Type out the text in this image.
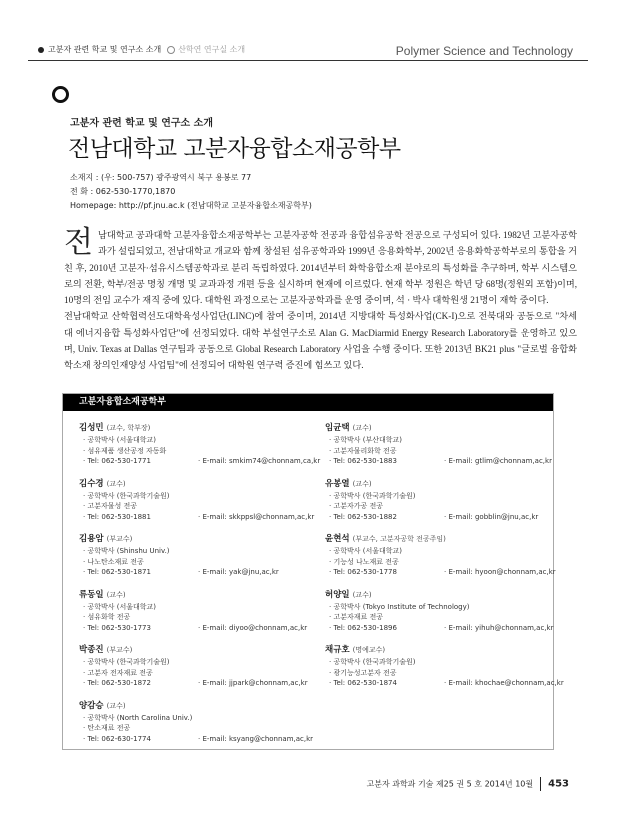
고분자 관련 학교 및 연구소 소개 산학연 연구실 소개	Polymer Science and Technology
고분자 관련 학교 및 연구소 소개
전남대학교 고분자융합소재공학부
소재지 : (우: 500-757) 광주광역시 북구 용봉로 77
전 화 : 062-530-1770,1870
Homepage: http://pf.jnu.ac.k (전남대학교 고분자융합소재공학부)
전남대학교 공과대학 고분자융합소재공학부는 고분자공학 전공과 융합섬유공학 전공으로 구성되어 있다. 1982년 고분자공학과가 설립되었고, 전남대학교 개교와 함께 창설된 섬유공학과와 1999년 응용화학부, 2002년 응용화학공학부로의 통합을 거친 후, 2010년 고분자·섬유시스템공학과로 분리 독립하였다. 2014년부터 화학융합소재 분야로의 특성화를 추구하며, 학부 시스템으로의 전환, 학부/전공 명칭 개명 및 교과과정 개편 등을 실시하며 현재에 이르렀다. 현재 학부 정원은 학년 당 68명(정원외 포함)이며, 10명의 전임 교수가 재직 중에 있다. 대학원 과정으로는 고분자공학과를 운영 중이며, 석 · 박사 대학원생 21명이 재학 중이다.
전남대학교 산학협력선도대학육성사업단(LINC)에 참여 중이며, 2014년 지방대학 특성화사업(CK-I)으로 전북대와 공동으로 "차세대 에너지융합 특성화사업단"에 선정되었다. 대학 부설연구소로 Alan G. MacDiarmid Energy Research Laboratory를 운영하고 있으며, Univ. Texas at Dallas 연구팀과 공동으로 Global Research Laboratory 사업을 수행 중이다. 또한 2013년 BK21 plus "글로벌 융합화학소재 창의인재양성 사업팀"에 선정되어 대학원 연구력 증진에 힘쓰고 있다.
고분자융합소재공학부
김성민 (교수, 학부장)
· 공학박사 (서울대학교)
· 섬유제품 생산공정 자동화
· Tel: 062-530-1771	· E-mail: smkim74@chonnam,ca,kr
김수경 (교수)
· 공학박사 (한국과학기술원)
· 고분자물성 전공
· Tel: 062-530-1881	· E-mail: skkppsl@chonnam,ac,kr
김용암 (부교수)
· 공학박사 (Shinshu Univ.)
· 나노탄소재료 전공
· Tel: 062-530-1871	· E-mail: yak@jnu,ac,kr
류동일 (교수)
· 공학박사 (서울대학교)
· 섬유화학 전공
· Tel: 062-530-1773	· E-mail: diyoo@chonnam,ac,kr
박종진 (부교수)
· 공학박사 (한국과학기술원)
· 고분자 전자재료 전공
· Tel: 062-530-1872	· E-mail: jjpark@chonnam,ac,kr
양감승 (교수)
· 공학박사 (North Carolina Univ.)
· 탄소재료 전공
· Tel: 062-630-1774	· E-mail: ksyang@chonnam,ac,kr
임균택 (교수)
· 공학박사 (부산대학교)
· 고분자물리화학 전공
· Tel: 062-530-1883	· E-mail: gtlim@chonnam,ac,kr
유봉열 (교수)
· 공학박사 (한국과학기술원)
· 고분자가공 전공
· Tel: 062-530-1882	· E-mail: gobblin@jnu,ac,kr
윤현석 (부교수, 고분자공학 전공주임)
· 공학박사 (서울대학교)
· 기능성 나노재료 전공
· Tel: 062-530-1778	· E-mail: hyoon@chonnam,ac,kr
허양일 (교수)
· 공학박사 (Tokyo Institute of Technology)
· 고분자재료 전공
· Tel: 062-530-1896	· E-mail: yihuh@chonnam,ac,kr
채규호 (명예교수)
· 공학박사 (한국과학기술원)
· 광기능성고분자 전공
· Tel: 062-530-1874	· E-mail: khochae@chonnam,ac,kr
고분자 과학과 기술 제25 권 5 호 2014년 10월 453
